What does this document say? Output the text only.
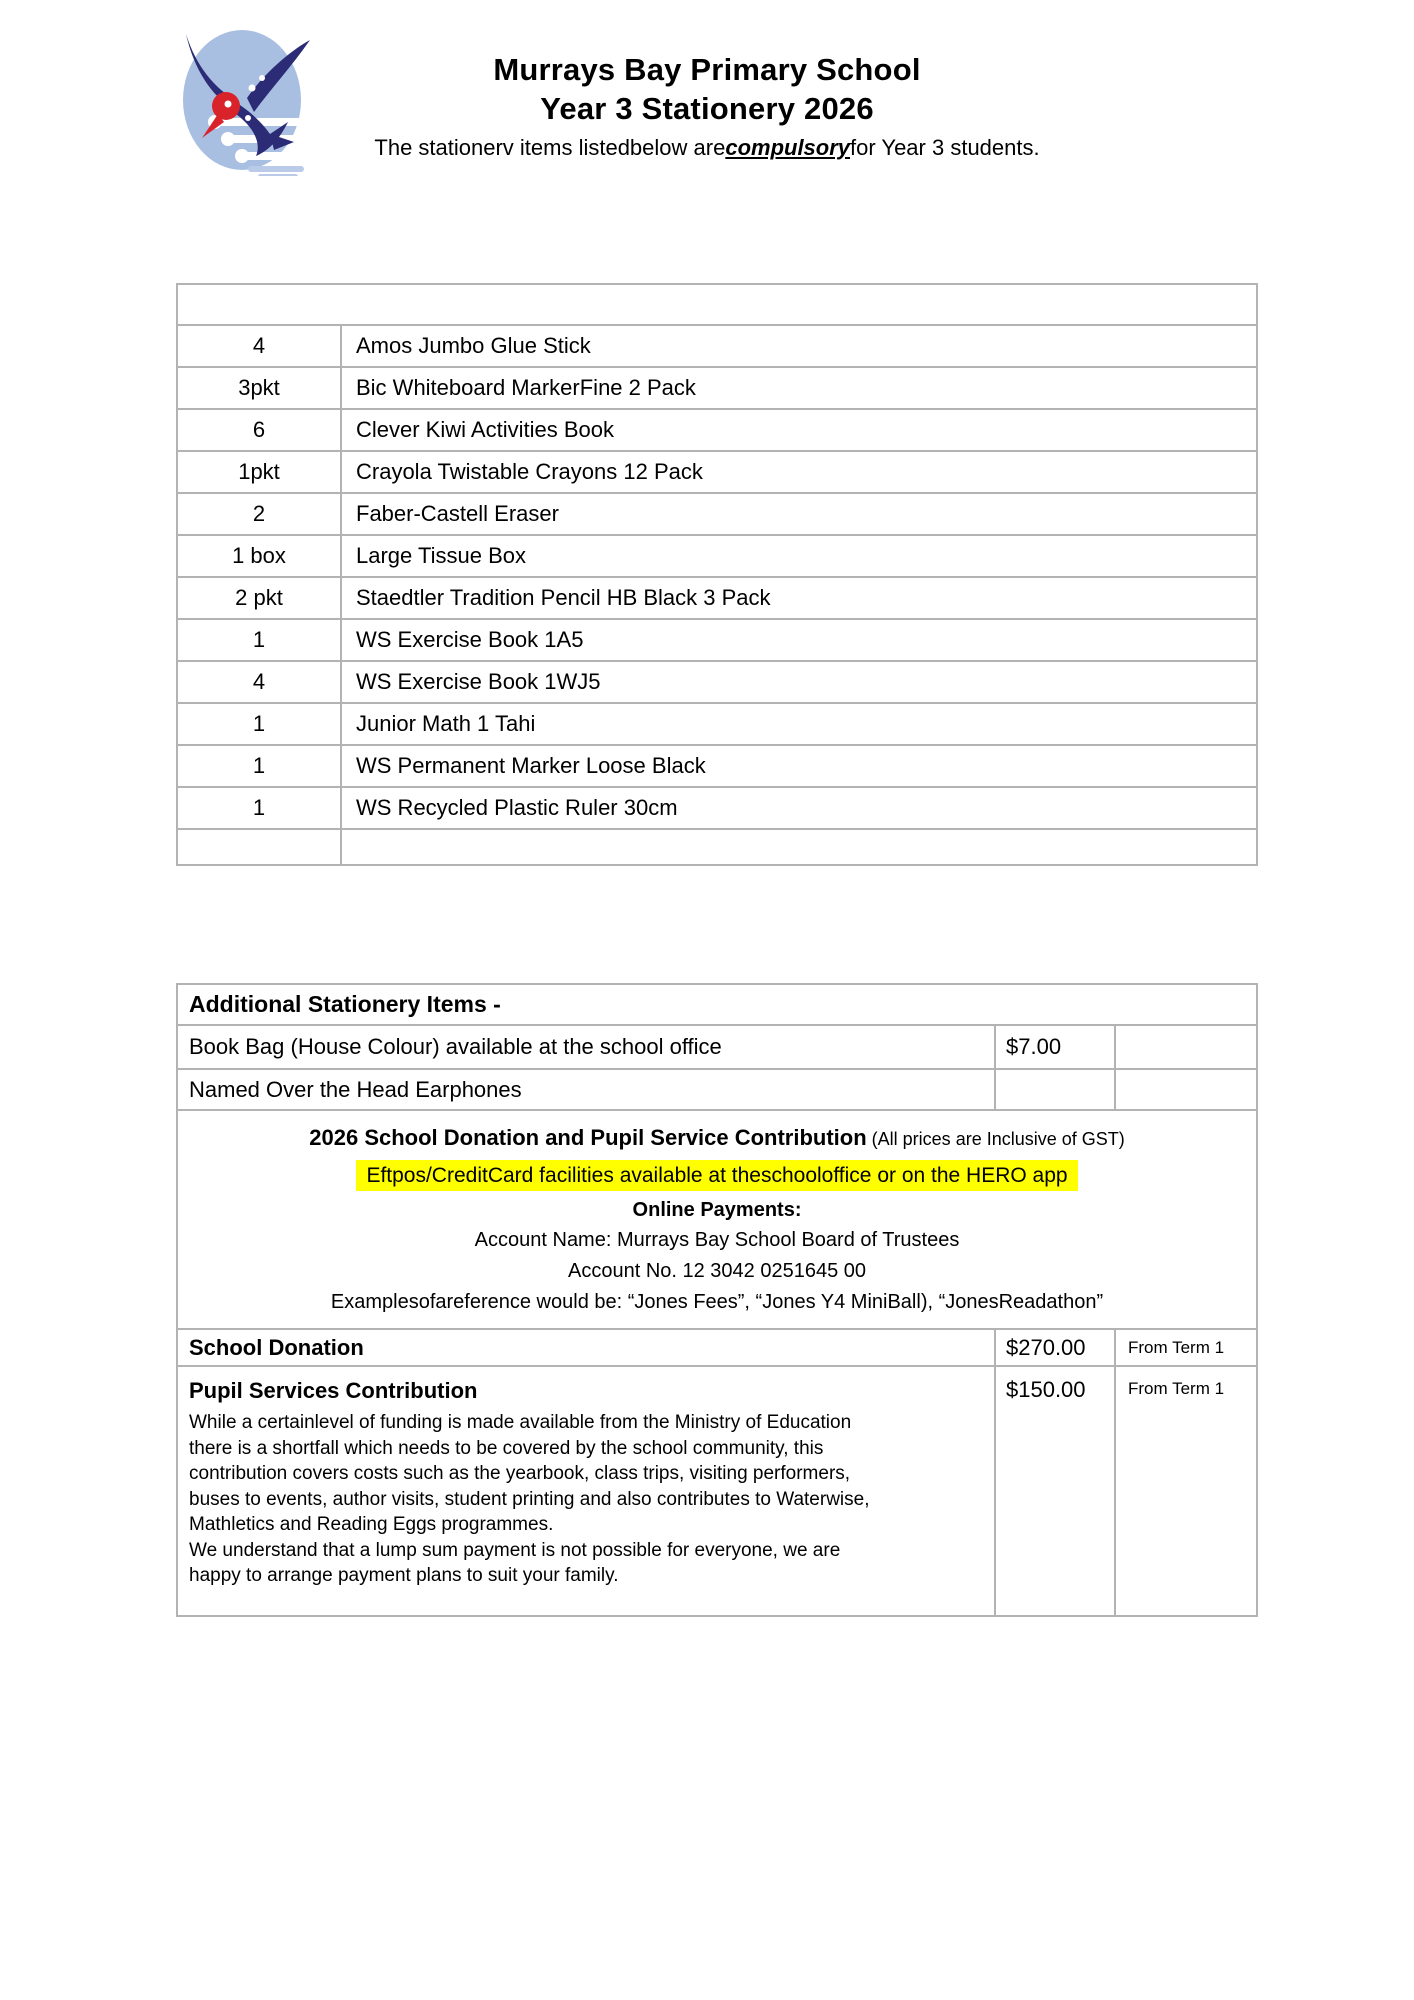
Murrays Bay Primary School
Year 3 Stationery 2026
The stationerv items listedbelow arecompulsoryfor Year 3 students.

4	Amos Jumbo Glue Stick
3pkt	Bic Whiteboard MarkerFine 2 Pack
6	Clever Kiwi Activities Book
1pkt	Crayola Twistable Crayons 12 Pack
2	Faber-Castell Eraser
1 box	Large Tissue Box
2 pkt	Staedtler Tradition Pencil HB Black 3 Pack
1	WS Exercise Book 1A5
4	WS Exercise Book 1WJ5
1	Junior Math 1 Tahi
1	WS Permanent Marker Loose Black
1	WS Recycled Plastic Ruler 30cm

Additional Stationery Items -		
Book Bag (House Colour) available at the school office	$7.00	
Named Over the Head Earphones		

2026 School Donation and Pupil Service Contribution (All prices are Inclusive of GST)
Eftpos/CreditCard facilities available at theschooloffice or on the HERO app
Online Payments:
Account Name: Murrays Bay School Board of Trustees
Account No. 12 3042 0251645 00
Examplesofareference would be: “Jones Fees”, “Jones Y4 MiniBall), “JonesReadathon”

School Donation	$270.00	From Term 1

Pupil Services Contribution
While a certainlevel of funding is made available from the Ministry of Education
there is a shortfall which needs to be covered by the school community, this
contribution covers costs such as the yearbook, class trips, visiting performers,
buses to events, author visits, student printing and also contributes to Waterwise,
Mathletics and Reading Eggs programmes.
We understand that a lump sum payment is not possible for everyone, we are
happy to arrange payment plans to suit your family.
	$150.00	From Term 1
